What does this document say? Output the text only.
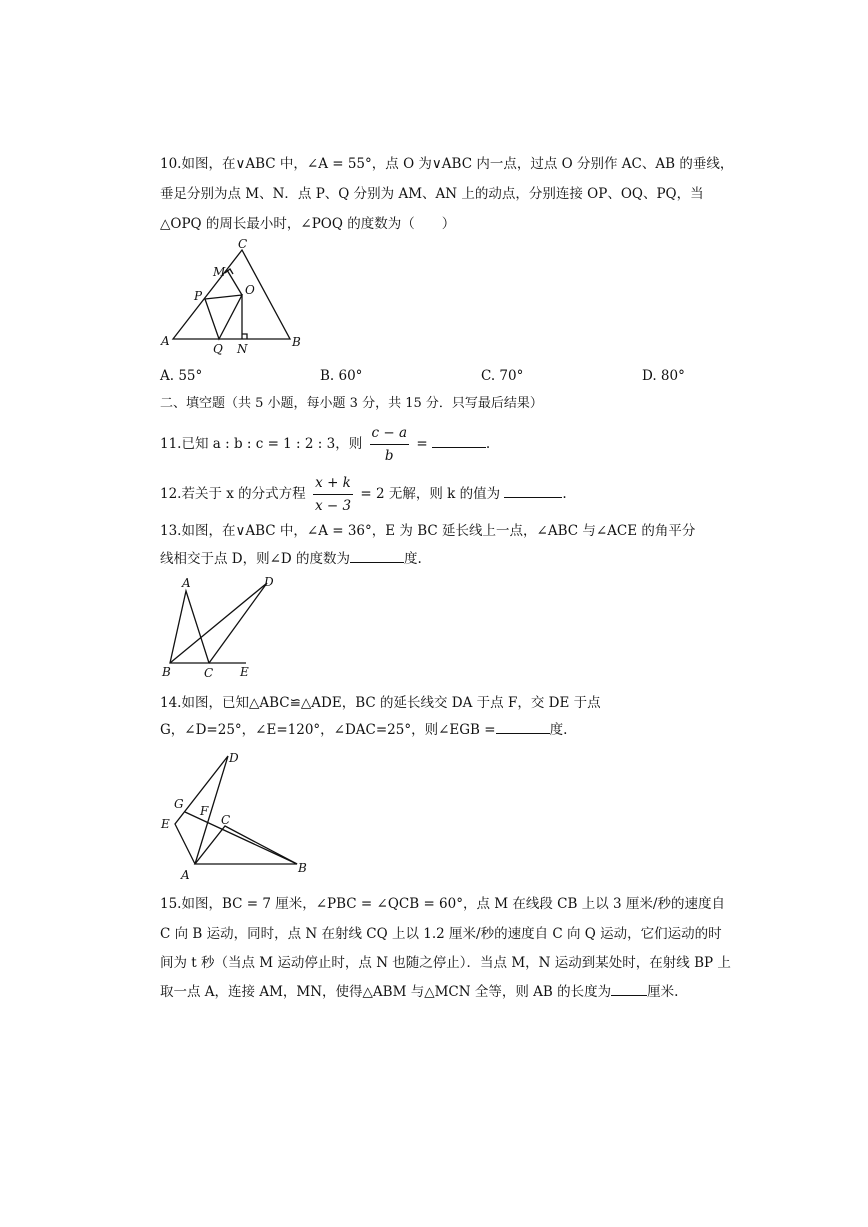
10.如图，在∨ABC 中，∠A = 55°，点 O 为∨ABC 内一点，过点 O 分别作 AC、AB 的垂线，
垂足分别为点 M、N．点 P、Q 分别为 AM、AN 上的动点，分别连接 OP、OQ、PQ，当
△OPQ 的周长最小时，∠POQ 的度数为（　　）
C
M
P	O
A
Q N	B
A. 55°	B. 60°	C. 70°	D. 80°
二、填空题（共 5 小题，每小题 3 分，共 15 分．只写最后结果）
11.已知 a : b : c = 1 : 2 : 3，则 $\frac{c - a}{b}$ =	.
12.若关于 x 的分式方程 $\frac{x + k}{x - 3} = 2$ 无解，则 k 的值为	.
13.如图，在∨ABC 中，∠A = 36°，E 为 BC 延长线上一点，∠ABC 与∠ACE 的角平分
线相交于点 D，则∠D 的度数为	度.
A	D
B	C E
14.如图，已知△ABC≌△ADE，BC 的延长线交 DA 于点 F，交 DE 于点
G，∠D=25°，∠E=120°，∠DAC=25°，则∠EGB =	度.
D
G F
E	C
A	B
15.如图，BC = 7 厘米，∠PBC = ∠QCB = 60°，点 M 在线段 CB 上以 3 厘米/秒的速度自
C 向 B 运动，同时，点 N 在射线 CQ 上以 1.2 厘米/秒的速度自 C 向 Q 运动，它们运动的时
间为 t 秒（当点 M 运动停止时，点 N 也随之停止）．当点 M，N 运动到某处时，在射线 BP 上
取一点 A，连接 AM，MN，使得△ABM 与△MCN 全等，则 AB 的长度为	厘米.
